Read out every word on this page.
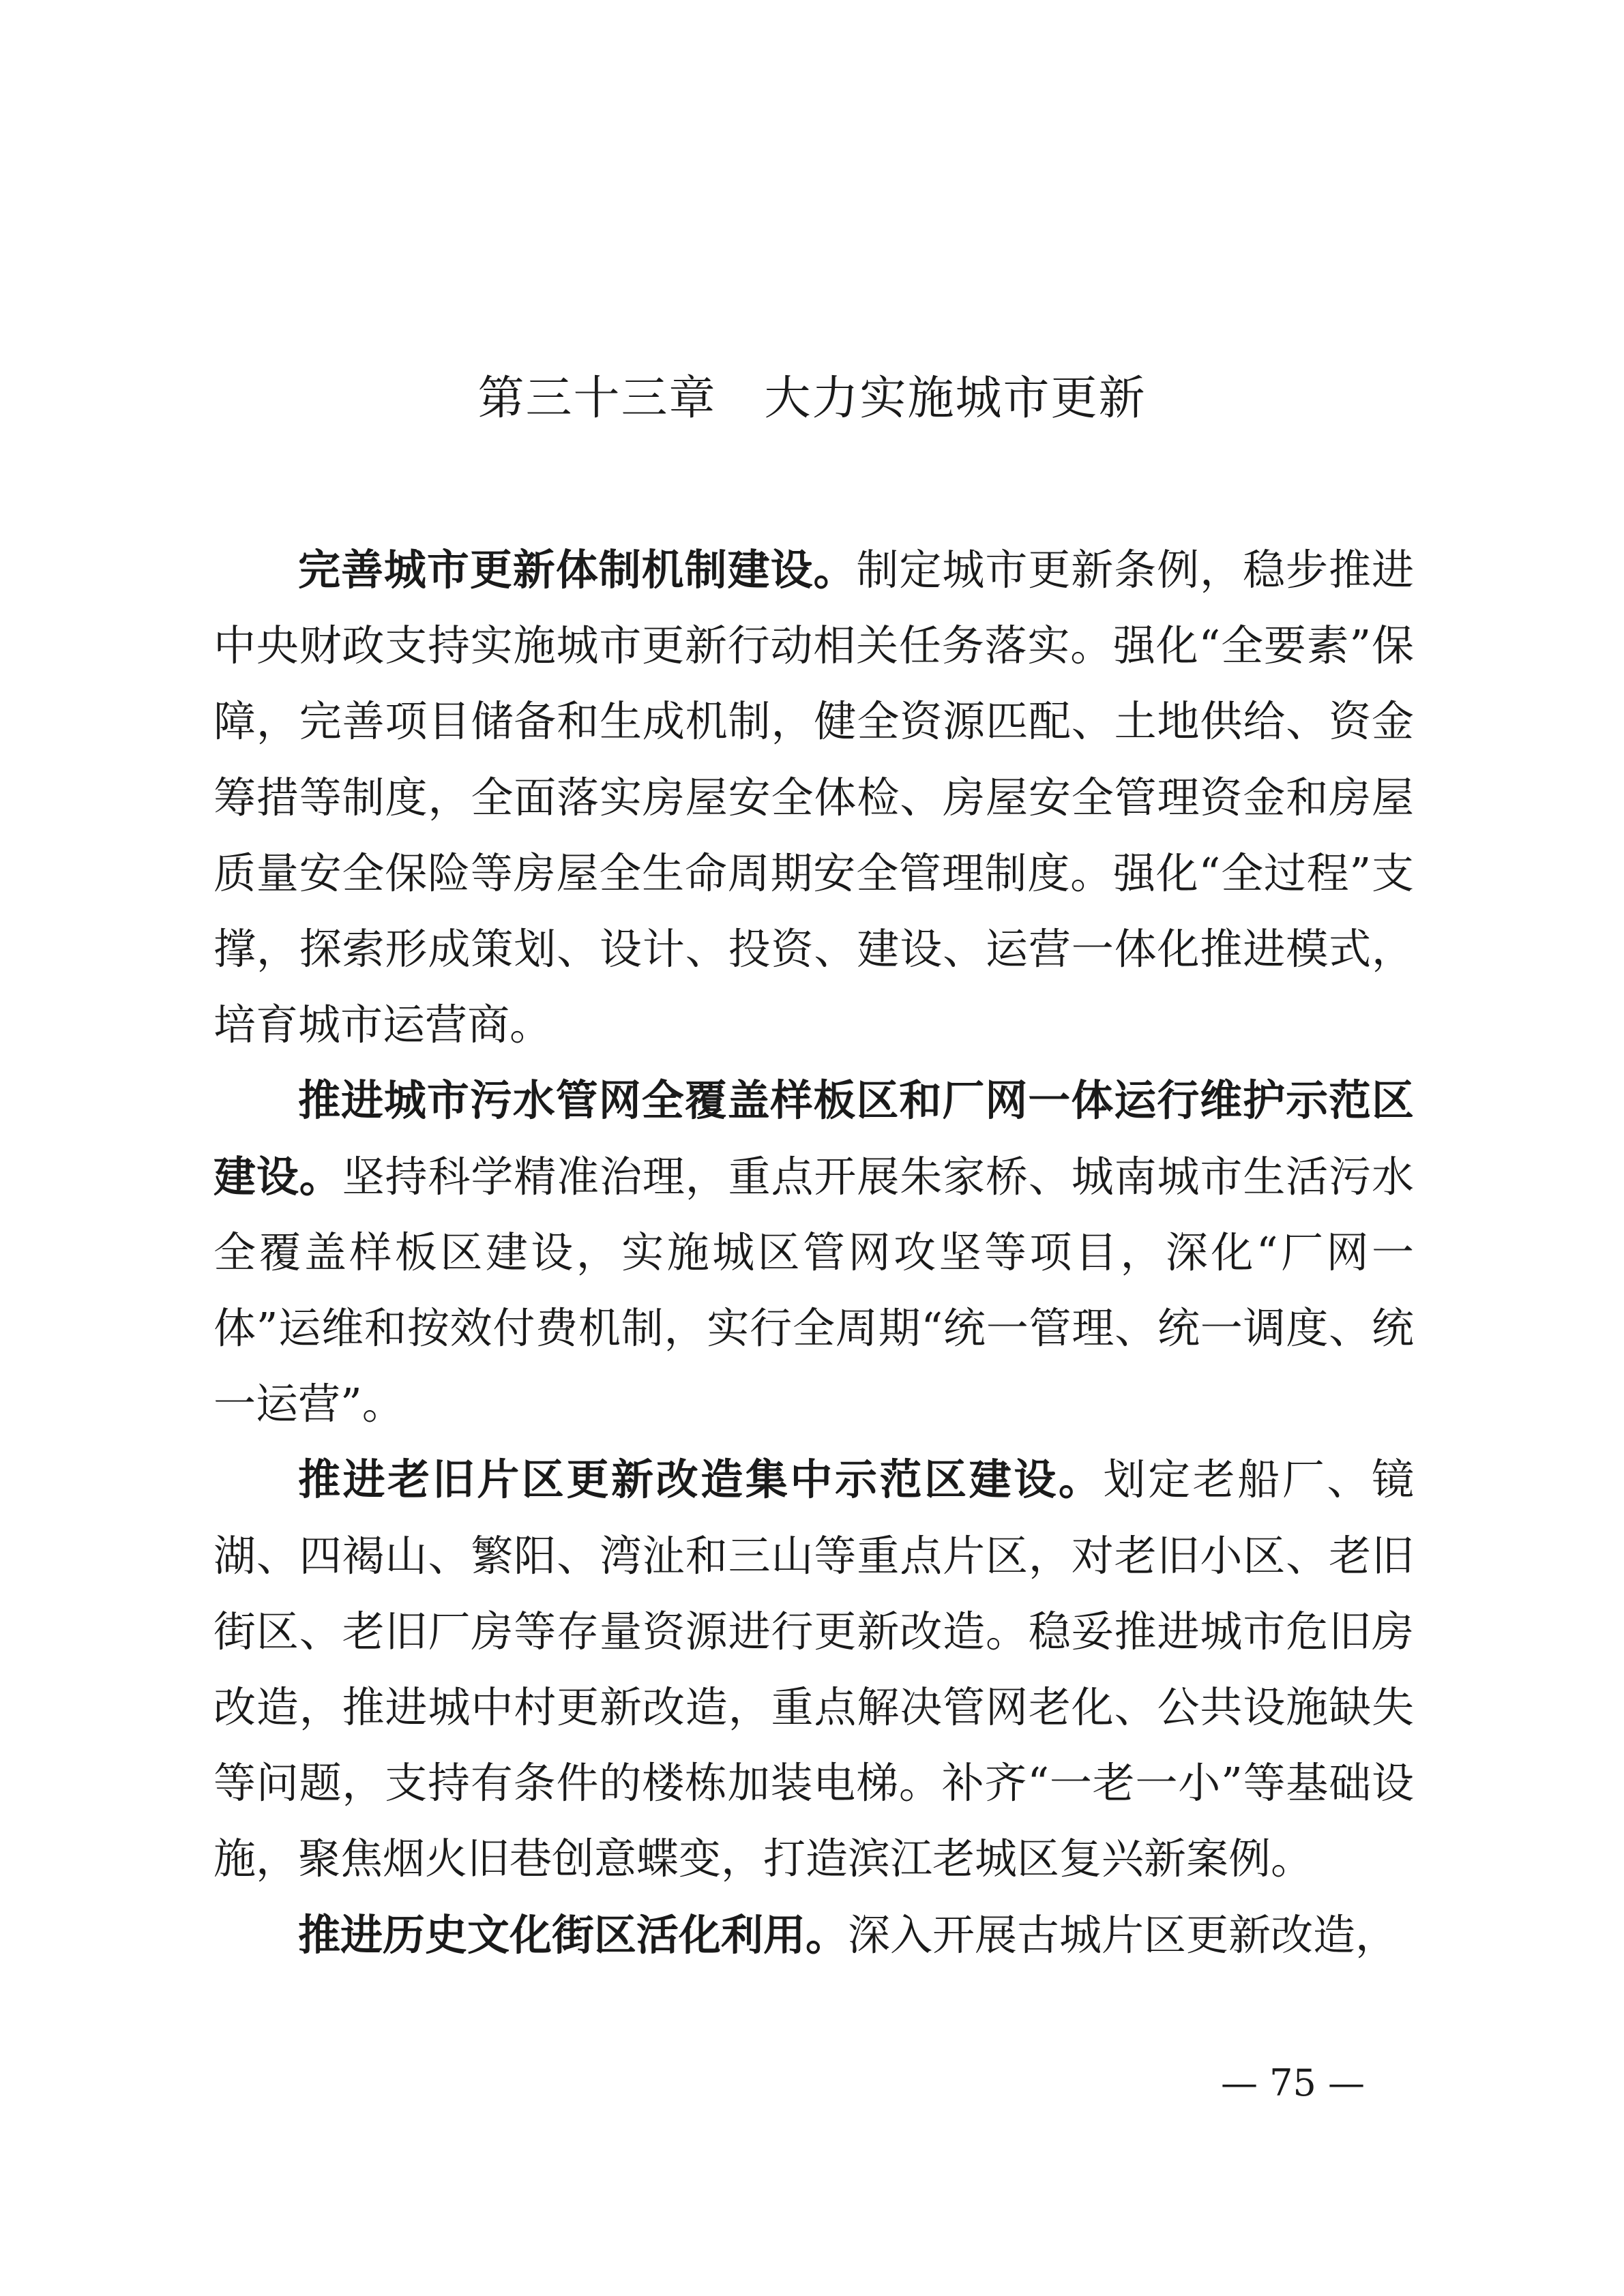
第三十三章　大力实施城市更新

完善城市更新体制机制建设。制定城市更新条例，稳步推进中央财政支持实施城市更新行动相关任务落实。强化“全要素”保障，完善项目储备和生成机制，健全资源匹配、土地供给、资金筹措等制度，全面落实房屋安全体检、房屋安全管理资金和房屋质量安全保险等房屋全生命周期安全管理制度。强化“全过程”支撑，探索形成策划、设计、投资、建设、运营一体化推进模式，培育城市运营商。

推进城市污水管网全覆盖样板区和厂网一体运行维护示范区建设。坚持科学精准治理，重点开展朱家桥、城南城市生活污水全覆盖样板区建设，实施城区管网攻坚等项目，深化“厂网一体”运维和按效付费机制，实行全周期“统一管理、统一调度、统一运营”。

推进老旧片区更新改造集中示范区建设。划定老船厂、镜湖、四褐山、繁阳、湾沚和三山等重点片区，对老旧小区、老旧街区、老旧厂房等存量资源进行更新改造。稳妥推进城市危旧房改造，推进城中村更新改造，重点解决管网老化、公共设施缺失等问题，支持有条件的楼栋加装电梯。补齐“一老一小”等基础设施，聚焦烟火旧巷创意蝶变，打造滨江老城区复兴新案例。

推进历史文化街区活化利用。深入开展古城片区更新改造，

— 75 —
